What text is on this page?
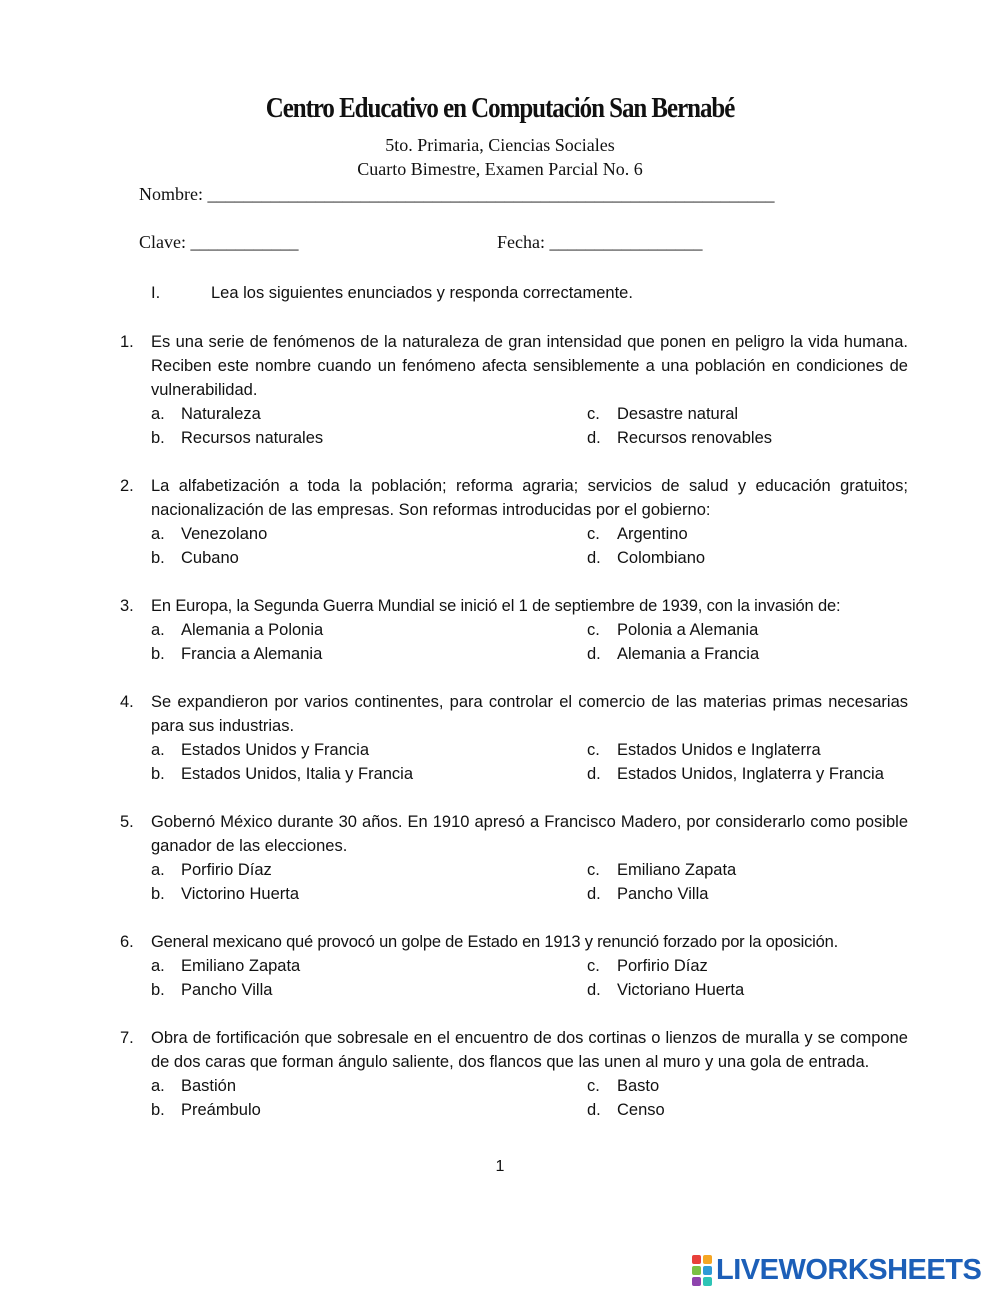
Centro Educativo en Computación San Bernabé
5to. Primaria, Ciencias Sociales
Cuarto Bimestre, Examen Parcial No. 6
Nombre: _______________________________________________________________
Clave: ____________	Fecha: _________________
I.	Lea los siguientes enunciados y responda correctamente.
1.	Es una serie de fenómenos de la naturaleza de gran intensidad que ponen en peligro la vida humana. Reciben este nombre cuando un fenómeno afecta sensiblemente a una población en condiciones de vulnerabilidad.
a. Naturaleza
b. Recursos naturales
c. Desastre natural
d. Recursos renovables
2.	La alfabetización a toda la población; reforma agraria; servicios de salud y educación gratuitos; nacionalización de las empresas. Son reformas introducidas por el gobierno:
a. Venezolano
b. Cubano
c. Argentino
d. Colombiano
3.	En Europa, la Segunda Guerra Mundial se inició el 1 de septiembre de 1939, con la invasión de:
a. Alemania a Polonia
b. Francia a Alemania
c. Polonia a Alemania
d. Alemania a Francia
4.	Se expandieron por varios continentes, para controlar el comercio de las materias primas necesarias para sus industrias.
a. Estados Unidos y Francia
b. Estados Unidos, Italia y Francia
c. Estados Unidos e Inglaterra
d. Estados Unidos, Inglaterra y Francia
5.	Gobernó México durante 30 años. En 1910 apresó a Francisco Madero, por considerarlo como posible ganador de las elecciones.
a. Porfirio Díaz
b. Victorino Huerta
c. Emiliano Zapata
d. Pancho Villa
6.	General mexicano qué provocó un golpe de Estado en 1913 y renunció forzado por la oposición.
a. Emiliano Zapata
b. Pancho Villa
c. Porfirio Díaz
d. Victoriano Huerta
7.	Obra de fortificación que sobresale en el encuentro de dos cortinas o lienzos de muralla y se compone de dos caras que forman ángulo saliente, dos flancos que las unen al muro y una gola de entrada.
a. Bastión
b. Preámbulo
c. Basto
d. Censo
1
LIVEWORKSHEETS
